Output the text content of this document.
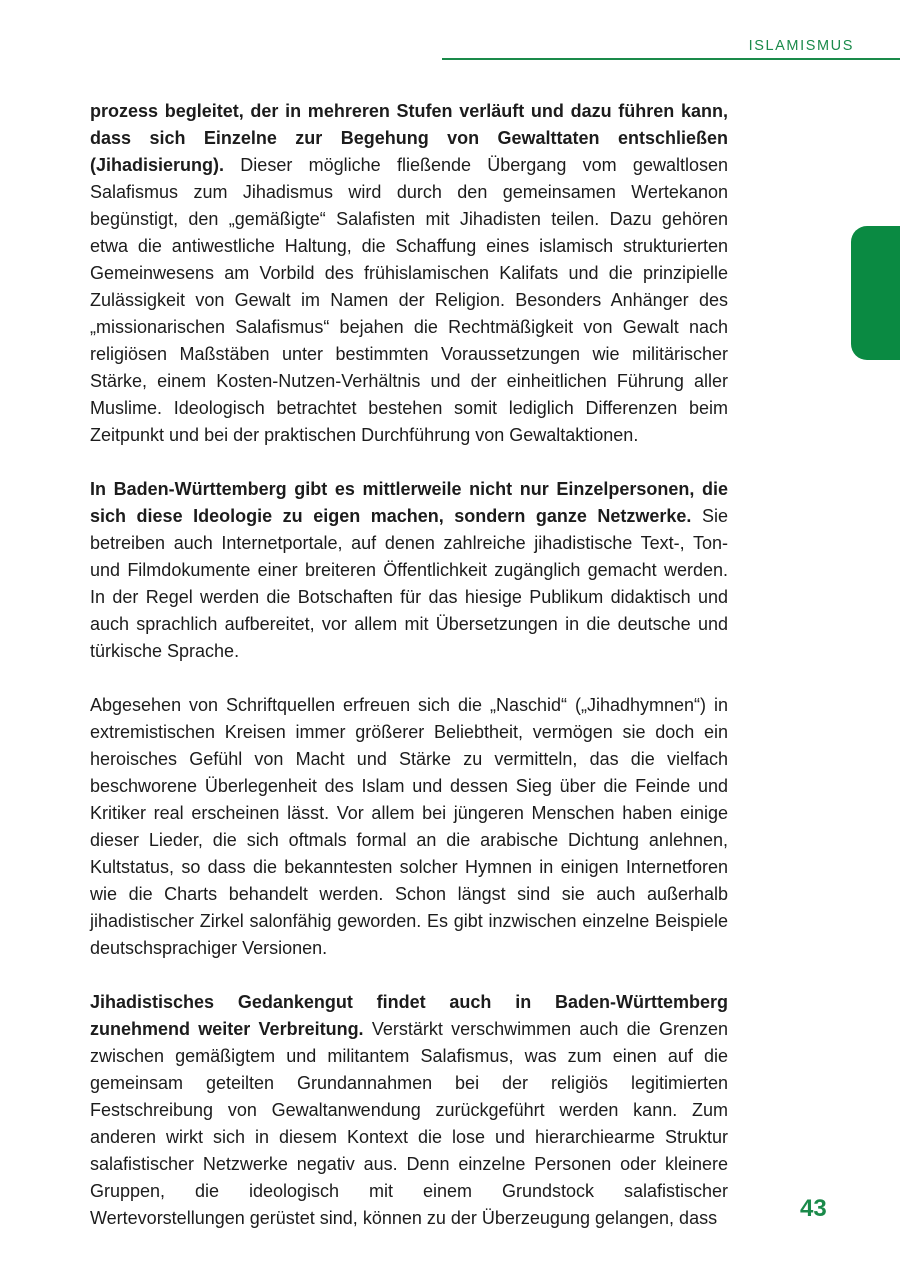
ISLAMISMUS

prozess begleitet, der in mehreren Stufen verläuft und dazu führen kann, dass sich Einzelne zur Begehung von Gewalttaten entschließen (Jihadisierung). Dieser mögliche fließende Übergang vom gewaltlosen Salafismus zum Jihadismus wird durch den gemeinsamen Wertekanon begünstigt, den „gemäßigte“ Salafisten mit Jihadisten teilen. Dazu gehören etwa die antiwestliche Haltung, die Schaffung eines islamisch strukturierten Gemeinwesens am Vorbild des frühislamischen Kalifats und die prinzipielle Zulässigkeit von Gewalt im Namen der Religion. Besonders Anhänger des „missionarischen Salafismus“ bejahen die Rechtmäßigkeit von Gewalt nach religiösen Maßstäben unter bestimmten Voraussetzungen wie militärischer Stärke, einem Kosten-Nutzen-Verhältnis und der einheitlichen Führung aller Muslime. Ideologisch betrachtet bestehen somit lediglich Differenzen beim Zeitpunkt und bei der praktischen Durchführung von Gewaltaktionen.

In Baden-Württemberg gibt es mittlerweile nicht nur Einzelpersonen, die sich diese Ideologie zu eigen machen, sondern ganze Netzwerke. Sie betreiben auch Internetportale, auf denen zahlreiche jihadistische Text-, Ton- und Filmdokumente einer breiteren Öffentlichkeit zugänglich gemacht werden. In der Regel werden die Botschaften für das hiesige Publikum didaktisch und auch sprachlich aufbereitet, vor allem mit Übersetzungen in die deutsche und türkische Sprache.

Abgesehen von Schriftquellen erfreuen sich die „Naschid“ („Jihadhymnen“) in extremistischen Kreisen immer größerer Beliebtheit, vermögen sie doch ein heroisches Gefühl von Macht und Stärke zu vermitteln, das die vielfach beschworene Überlegenheit des Islam und dessen Sieg über die Feinde und Kritiker real erscheinen lässt. Vor allem bei jüngeren Menschen haben einige dieser Lieder, die sich oftmals formal an die arabische Dichtung anlehnen, Kultstatus, so dass die bekanntesten solcher Hymnen in einigen Internetforen wie die Charts behandelt werden. Schon längst sind sie auch außerhalb jihadistischer Zirkel salonfähig geworden. Es gibt inzwischen einzelne Beispiele deutschsprachiger Versionen.

Jihadistisches Gedankengut findet auch in Baden-Württemberg zunehmend weiter Verbreitung. Verstärkt verschwimmen auch die Grenzen zwischen gemäßigtem und militantem Salafismus, was zum einen auf die gemeinsam geteilten Grundannahmen bei der religiös legitimierten Festschreibung von Gewaltanwendung zurückgeführt werden kann. Zum anderen wirkt sich in diesem Kontext die lose und hierarchiearme Struktur salafistischer Netzwerke negativ aus. Denn einzelne Personen oder kleinere Gruppen, die ideologisch mit einem Grundstock salafistischer Wertevorstellungen gerüstet sind, können zu der Überzeugung gelangen, dass	43
